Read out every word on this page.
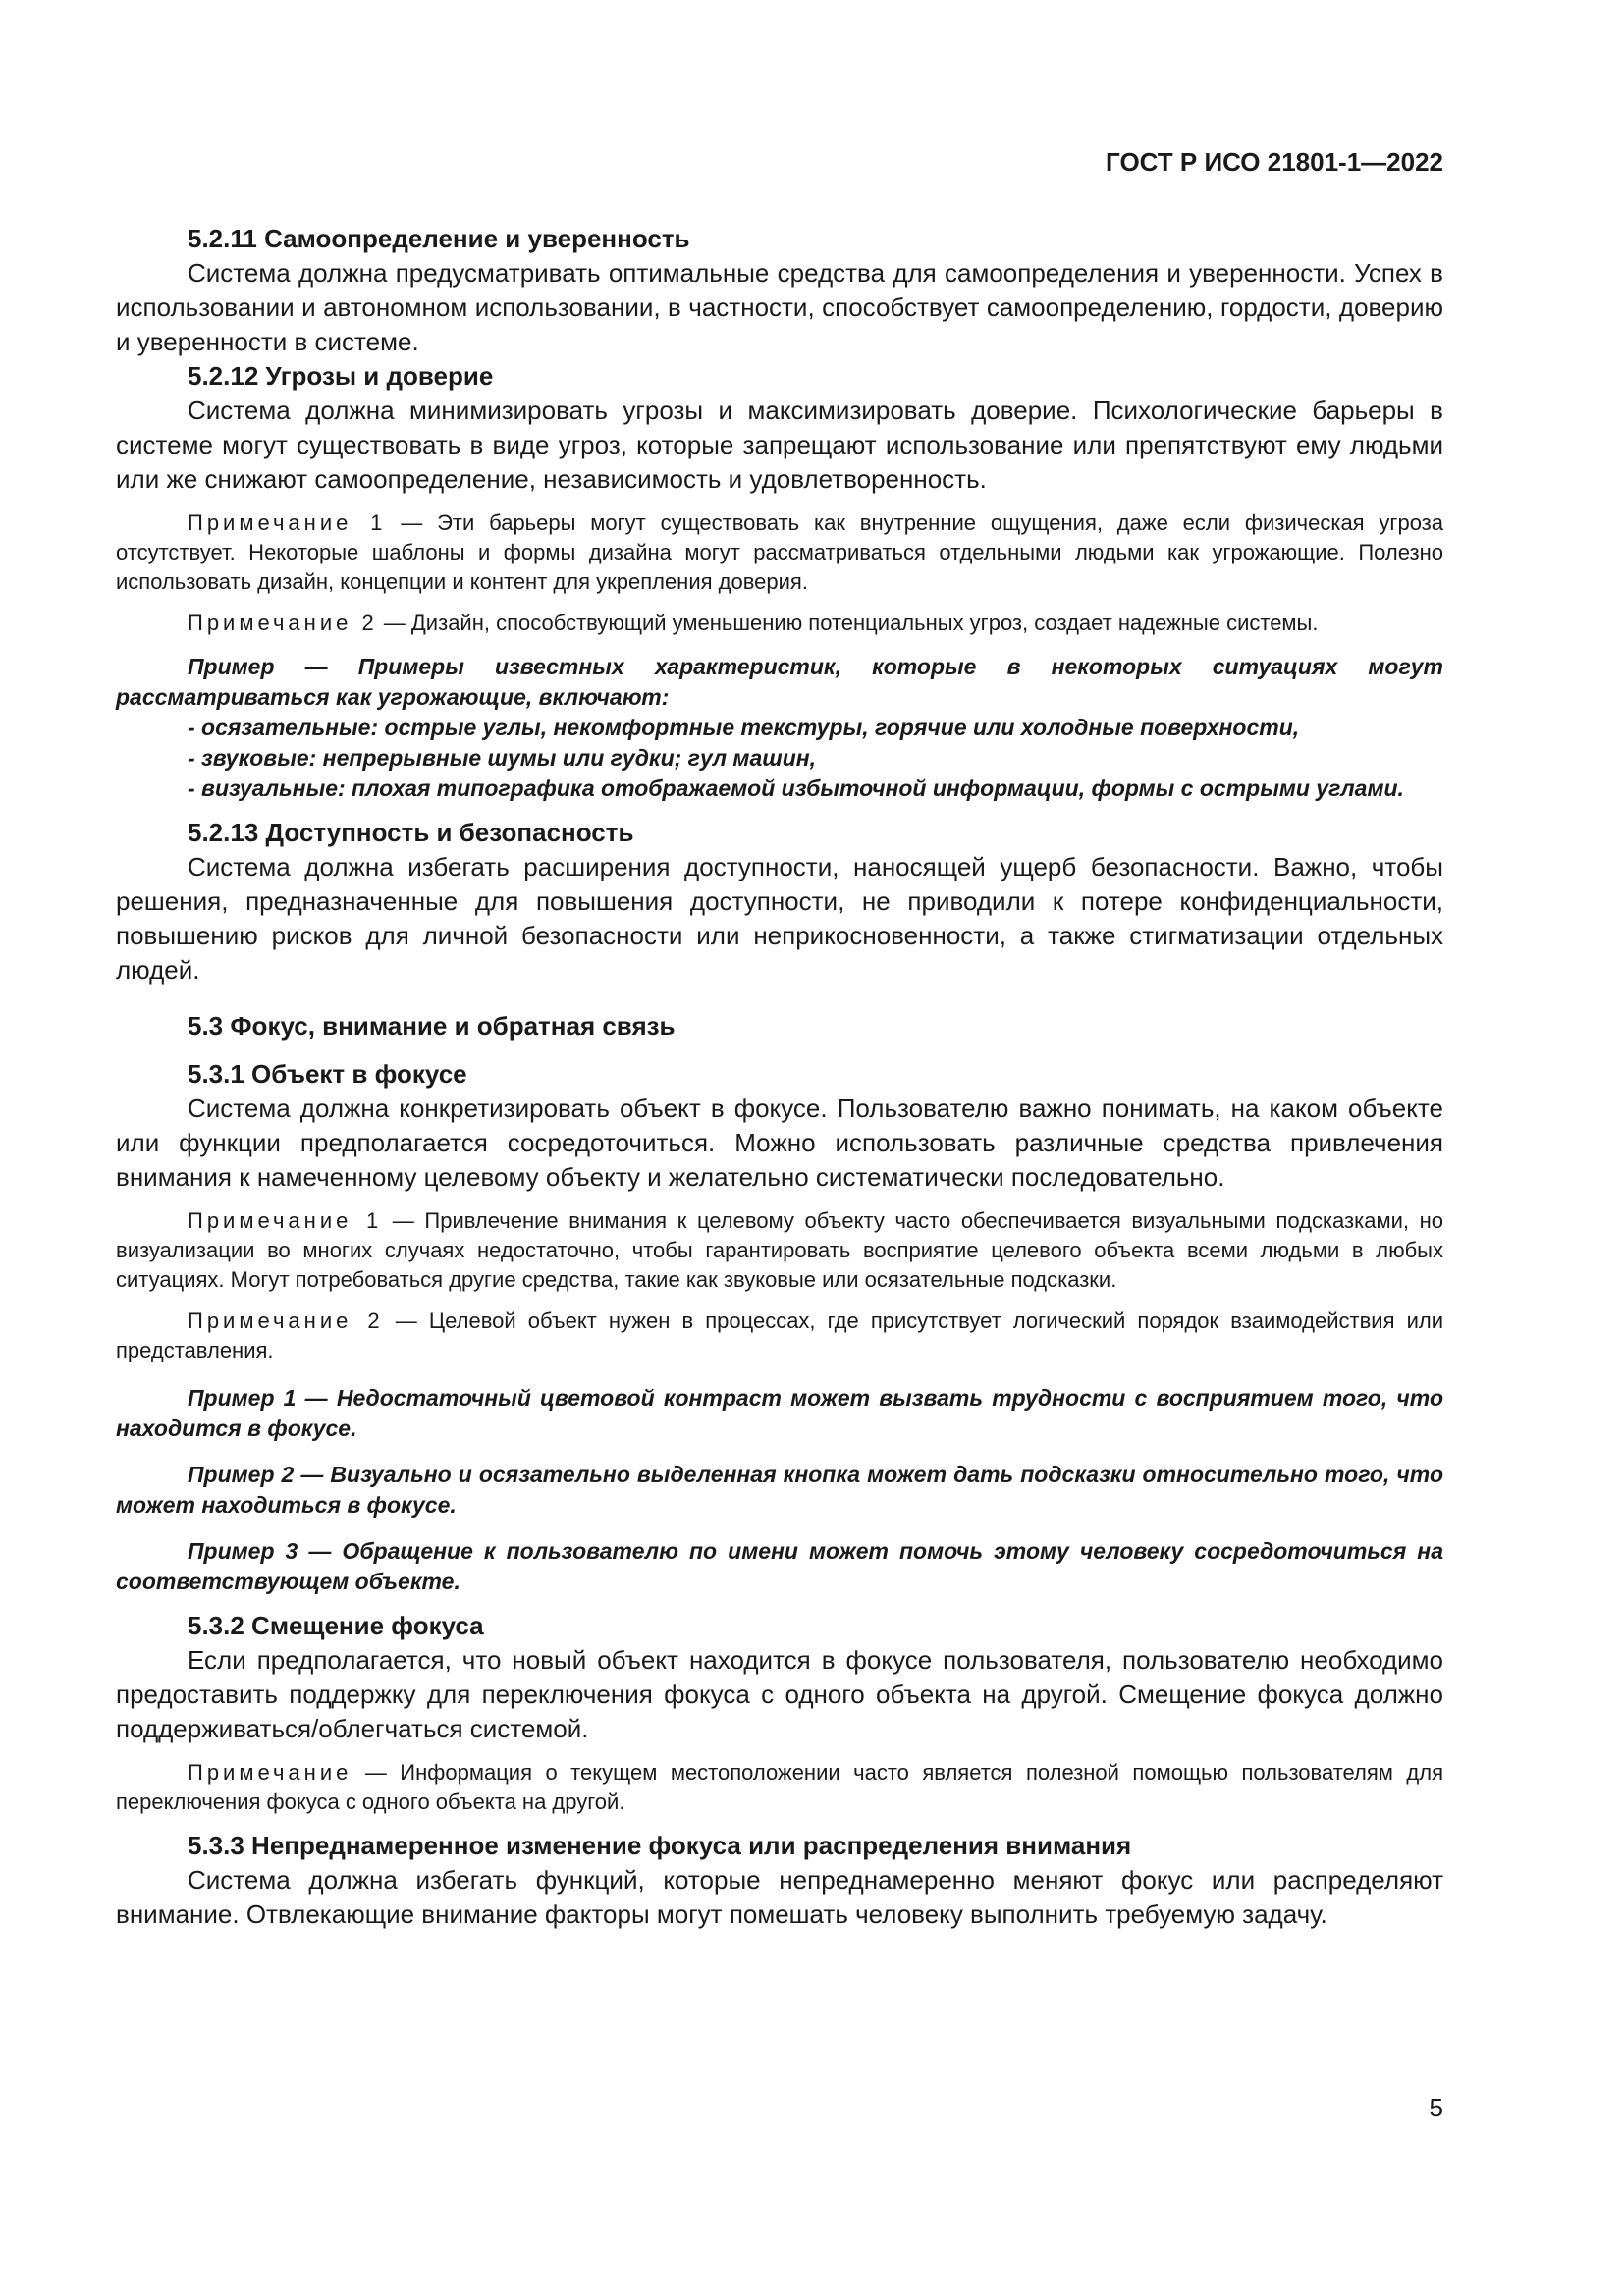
ГОСТ Р ИСО 21801-1—2022
5.2.11 Самоопределение и уверенность

Система должна предусматривать оптимальные средства для самоопределения и уверенности. Успех в использовании и автономном использовании, в частности, способствует самоопределению, гордости, доверию и уверенности в системе.

5.2.12 Угрозы и доверие

Система должна минимизировать угрозы и максимизировать доверие. Психологические барьеры в системе могут существовать в виде угроз, которые запрещают использование или препятствуют ему людьми или же снижают самоопределение, независимость и удовлетворенность.

Примечание 1 — Эти барьеры могут существовать как внутренние ощущения, даже если физическая угроза отсутствует. Некоторые шаблоны и формы дизайна могут рассматриваться отдельными людьми как угрожающие. Полезно использовать дизайн, концепции и контент для укрепления доверия.

Примечание 2 — Дизайн, способствующий уменьшению потенциальных угроз, создает надежные системы.

Пример — Примеры известных характеристик, которые в некоторых ситуациях могут рассматриваться как угрожающие, включают:

- осязательные: острые углы, некомфортные текстуры, горячие или холодные поверхности,

- звуковые: непрерывные шумы или гудки; гул машин,

- визуальные: плохая типографика отображаемой избыточной информации, формы с острыми углами.

5.2.13 Доступность и безопасность

Система должна избегать расширения доступности, наносящей ущерб безопасности. Важно, чтобы решения, предназначенные для повышения доступности, не приводили к потере конфиденциальности, повышению рисков для личной безопасности или неприкосновенности, а также стигматизации отдельных людей.

5.3 Фокус, внимание и обратная связь
5.3.1 Объект в фокусе

Система должна конкретизировать объект в фокусе. Пользователю важно понимать, на каком объекте или функции предполагается сосредоточиться. Можно использовать различные средства привлечения внимания к намеченному целевому объекту и желательно систематически последовательно.

Примечание 1 — Привлечение внимания к целевому объекту часто обеспечивается визуальными подсказками, но визуализации во многих случаях недостаточно, чтобы гарантировать восприятие целевого объекта всеми людьми в любых ситуациях. Могут потребоваться другие средства, такие как звуковые или осязательные подсказки.

Примечание 2 — Целевой объект нужен в процессах, где присутствует логический порядок взаимодействия или представления.

Пример 1 — Недостаточный цветовой контраст может вызвать трудности с восприятием того, что находится в фокусе.

Пример 2 — Визуально и осязательно выделенная кнопка может дать подсказки относительно того, что может находиться в фокусе.

Пример 3 — Обращение к пользователю по имени может помочь этому человеку сосредоточиться на соответствующем объекте.

5.3.2 Смещение фокуса

Если предполагается, что новый объект находится в фокусе пользователя, пользователю необходимо предоставить поддержку для переключения фокуса с одного объекта на другой. Смещение фокуса должно поддерживаться/облегчаться системой.

Примечание — Информация о текущем местоположении часто является полезной помощью пользователям для переключения фокуса с одного объекта на другой.

5.3.3 Непреднамеренное изменение фокуса или распределения внимания

Система должна избегать функций, которые непреднамеренно меняют фокус или распределяют внимание. Отвлекающие внимание факторы могут помешать человеку выполнить требуемую задачу.

5
